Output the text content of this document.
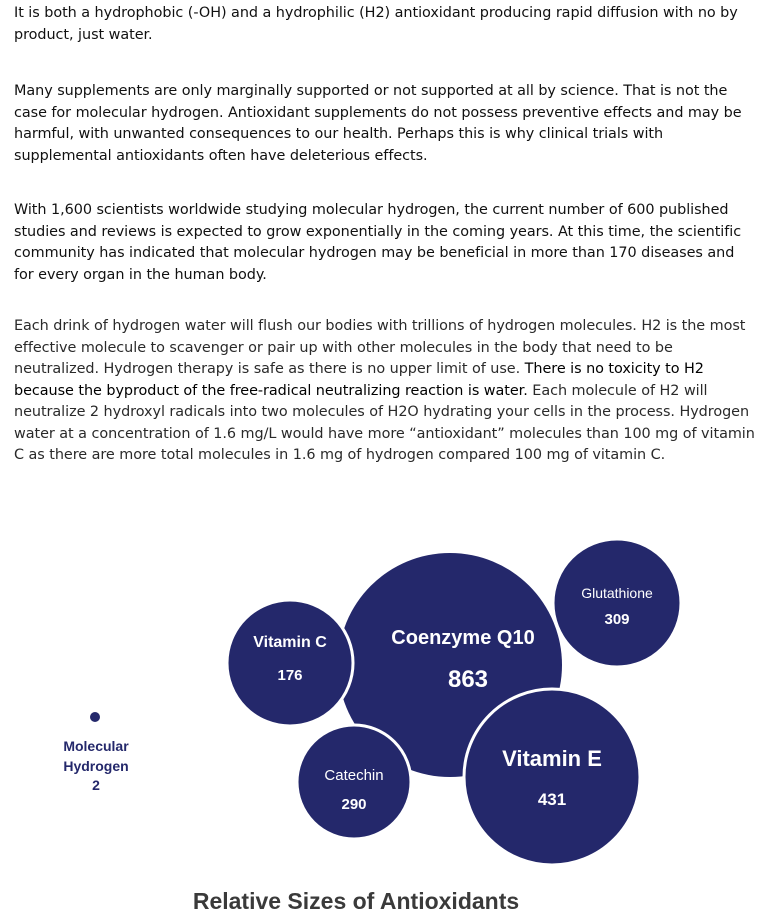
It is both a hydrophobic (-OH) and a hydrophilic (H2) antioxidant producing rapid diffusion with no by product, just water.

Many supplements are only marginally supported or not supported at all by science. That is not the case for molecular hydrogen. Antioxidant supplements do not possess preventive effects and may be harmful, with unwanted consequences to our health. Perhaps this is why clinical trials with supplemental antioxidants often have deleterious effects.

With 1,600 scientists worldwide studying molecular hydrogen, the current number of 600 published studies and reviews is expected to grow exponentially in the coming years. At this time, the scientific community has indicated that molecular hydrogen may be beneficial in more than 170 diseases and for every organ in the human body.

Each drink of hydrogen water will flush our bodies with trillions of hydrogen molecules. H2 is the most effective molecule to scavenger or pair up with other molecules in the body that need to be neutralized. Hydrogen therapy is safe as there is no upper limit of use. There is no toxicity to H2 because the byproduct of the free-radical neutralizing reaction is water. Each molecule of H2 will neutralize 2 hydroxyl radicals into two molecules of H2O hydrating your cells in the process. Hydrogen water at a concentration of 1.6 mg/L would have more “antioxidant” molecules than 100 mg of vitamin C as there are more total molecules in 1.6 mg of hydrogen compared 100 mg of vitamin C.

Vitamin C
176
Coenzyme Q10
863
Glutathione
309
Catechin
290
Vitamin E
431
Molecular
Hydrogen
2
Relative Sizes of Antioxidants
